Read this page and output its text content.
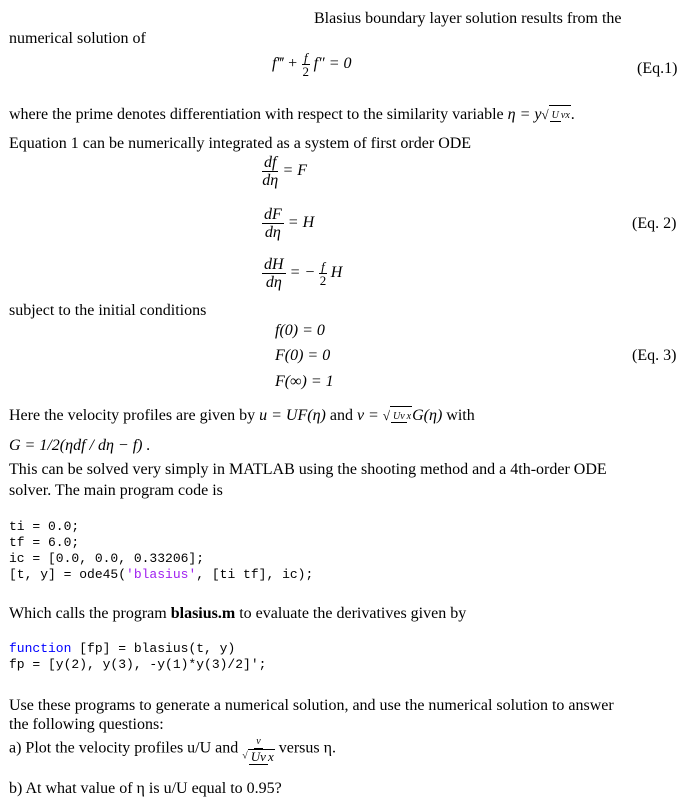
Blasius boundary layer solution results from the
numerical solution of
f‴ + $\frac{f}{2} f'' = 0$	(Eq.1)
where the prime denotes differentiation with respect to the similarity variable η = y√ U νx.
Equation 1 can be numerically integrated as a system of first order ODE
$\frac{df}{d\eta} = F$
$\frac{dF}{d\eta} = H$	(Eq. 2)
$\frac{dH}{d\eta}$ = − $\frac{f}{2}$ H
subject to the initial conditions
f(0) = 0
F(0) = 0	(Eq. 3)
F(∞) = 1
Here the velocity profiles are given by u = UF(η) and v = √ Uν xG(η) with
G = 1/2(ηdf / dη − f) .
This can be solved very simply in MATLAB using the shooting method and a 4th-order ODE
solver. The main program code is
ti = 0.0;
tf = 6.0;
ic = [0.0, 0.0, 0.33206];
[t, y] = ode45('blasius', [ti tf], ic);
Which calls the program blasius.m to evaluate the derivatives given by
function [fp] = blasius(t, y)
fp = [y(2), y(3), -y(1)*y(3)/2]';
Use these programs to generate a numerical solution, and use the numerical solution to answer
the following questions:
a) Plot the velocity profiles u/U and $\frac{v}{\text{√ Uν x}}$ versus η.
b) At what value of η is u/U equal to 0.95?
